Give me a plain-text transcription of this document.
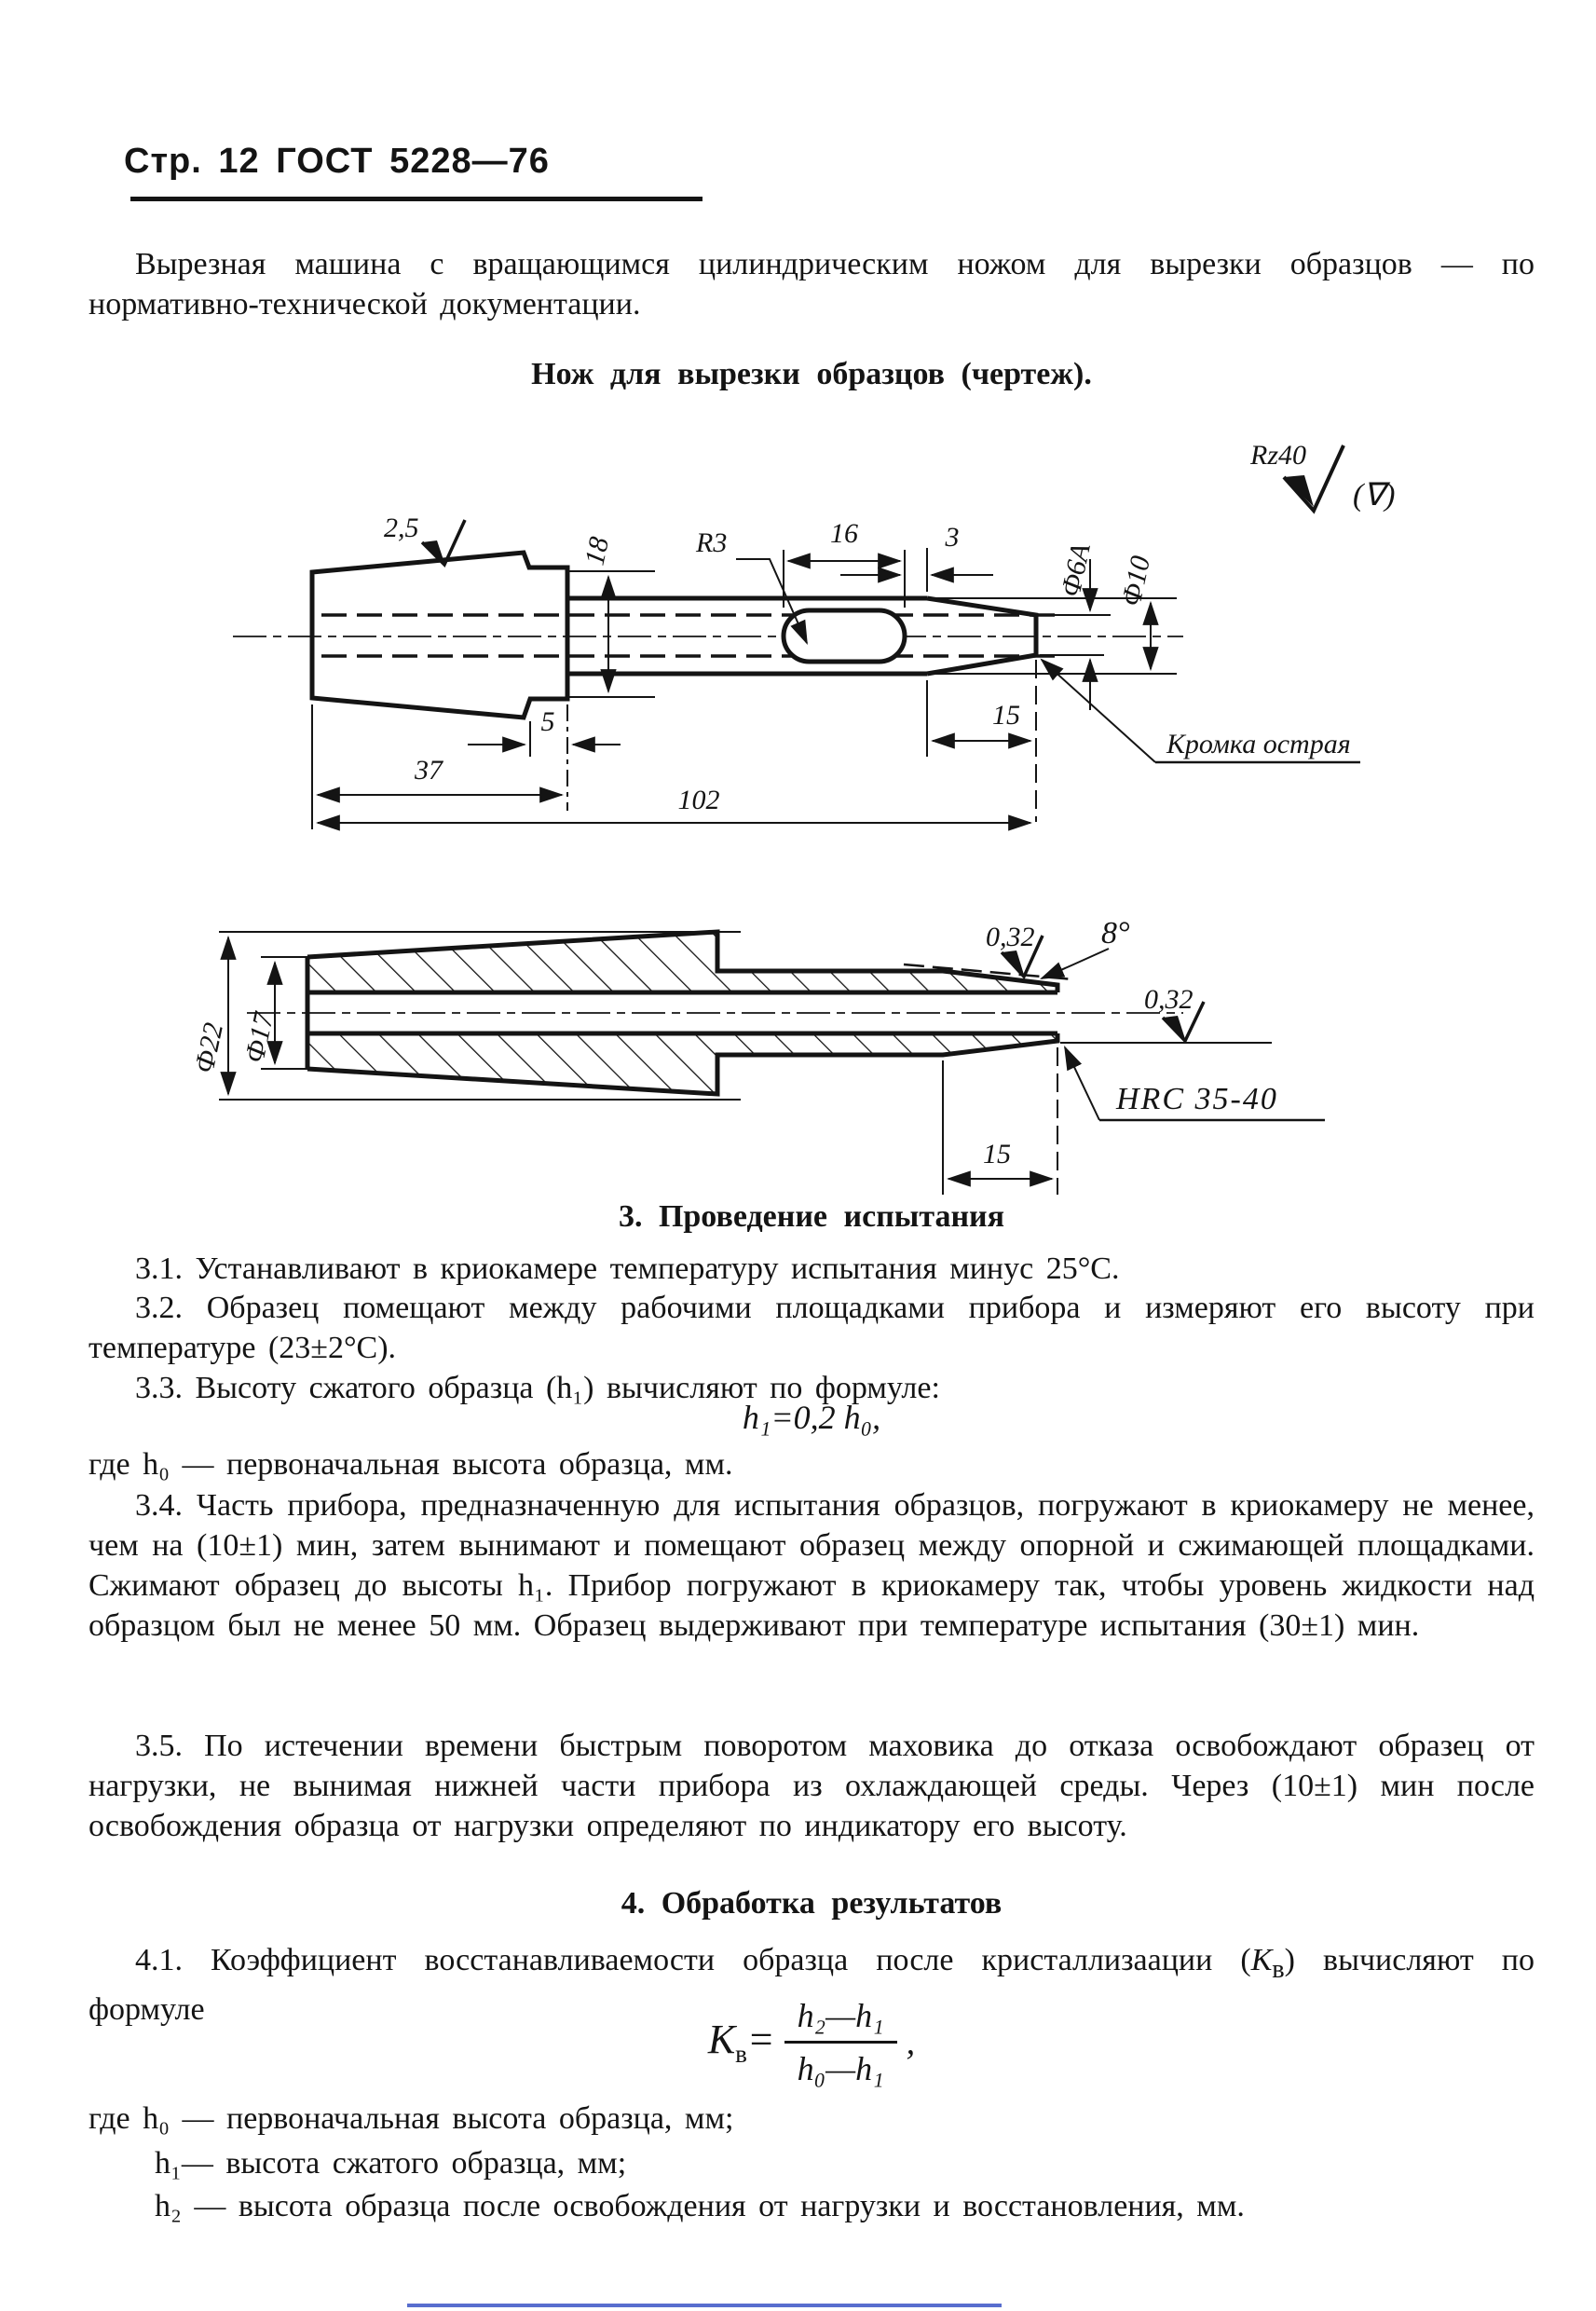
Стр. 12 ГОСТ 5228—76
Вырезная машина с вращающимся цилиндрическим ножом для вырезки образцов — по нормативно-технической документации.
Нож для вырезки образцов (чертеж).
16	3
2,5
18	R3	Ф6А Ф10
5
37
15
102
Кромка острая
Rz40
(∇)
Ф22 Ф17
0,32 8°
0,32
HRC 35-40
15
3. Проведение испытания
3.1. Устанавливают в криокамере температуру испытания минус 25°С.
3.2. Образец помещают между рабочими площадками прибора и измеряют его высоту при температуре (23±2°С).
3.3. Высоту сжатого образца (h₁) вычисляют по формуле:
h₁=0,2 h₀,
где h₀ — первоначальная высота образца, мм.
3.4. Часть прибора, предназначенную для испытания образцов, погружают в криокамеру не менее, чем на (10±1) мин, затем вынимают и помещают образец между опорной и сжимающей площадками. Сжимают образец до высоты h₁. Прибор погружают в криокамеру так, чтобы уровень жидкости над образцом был не менее 50 мм. Образец выдерживают при температуре испытания (30±1) мин.
3.5. По истечении времени быстрым поворотом маховика до отказа освобождают образец от нагрузки, не вынимая нижней части прибора из охлаждающей среды. Через (10±1) мин после освобождения образца от нагрузки определяют по индикатору его высоту.
4. Обработка результатов
4.1. Коэффициент восстанавливаемости образца после кристаллизаации $(К_в)$ вычисляют по формуле
$К_в= \frac{\text{h₂—h₁}}{\text{h₀—h₁}}$ ,
где h₀ — первоначальная высота образца, мм;
h₁— высота сжатого образца, мм;
h₂ — высота образца после освобождения от нагрузки и восстановления, мм.
